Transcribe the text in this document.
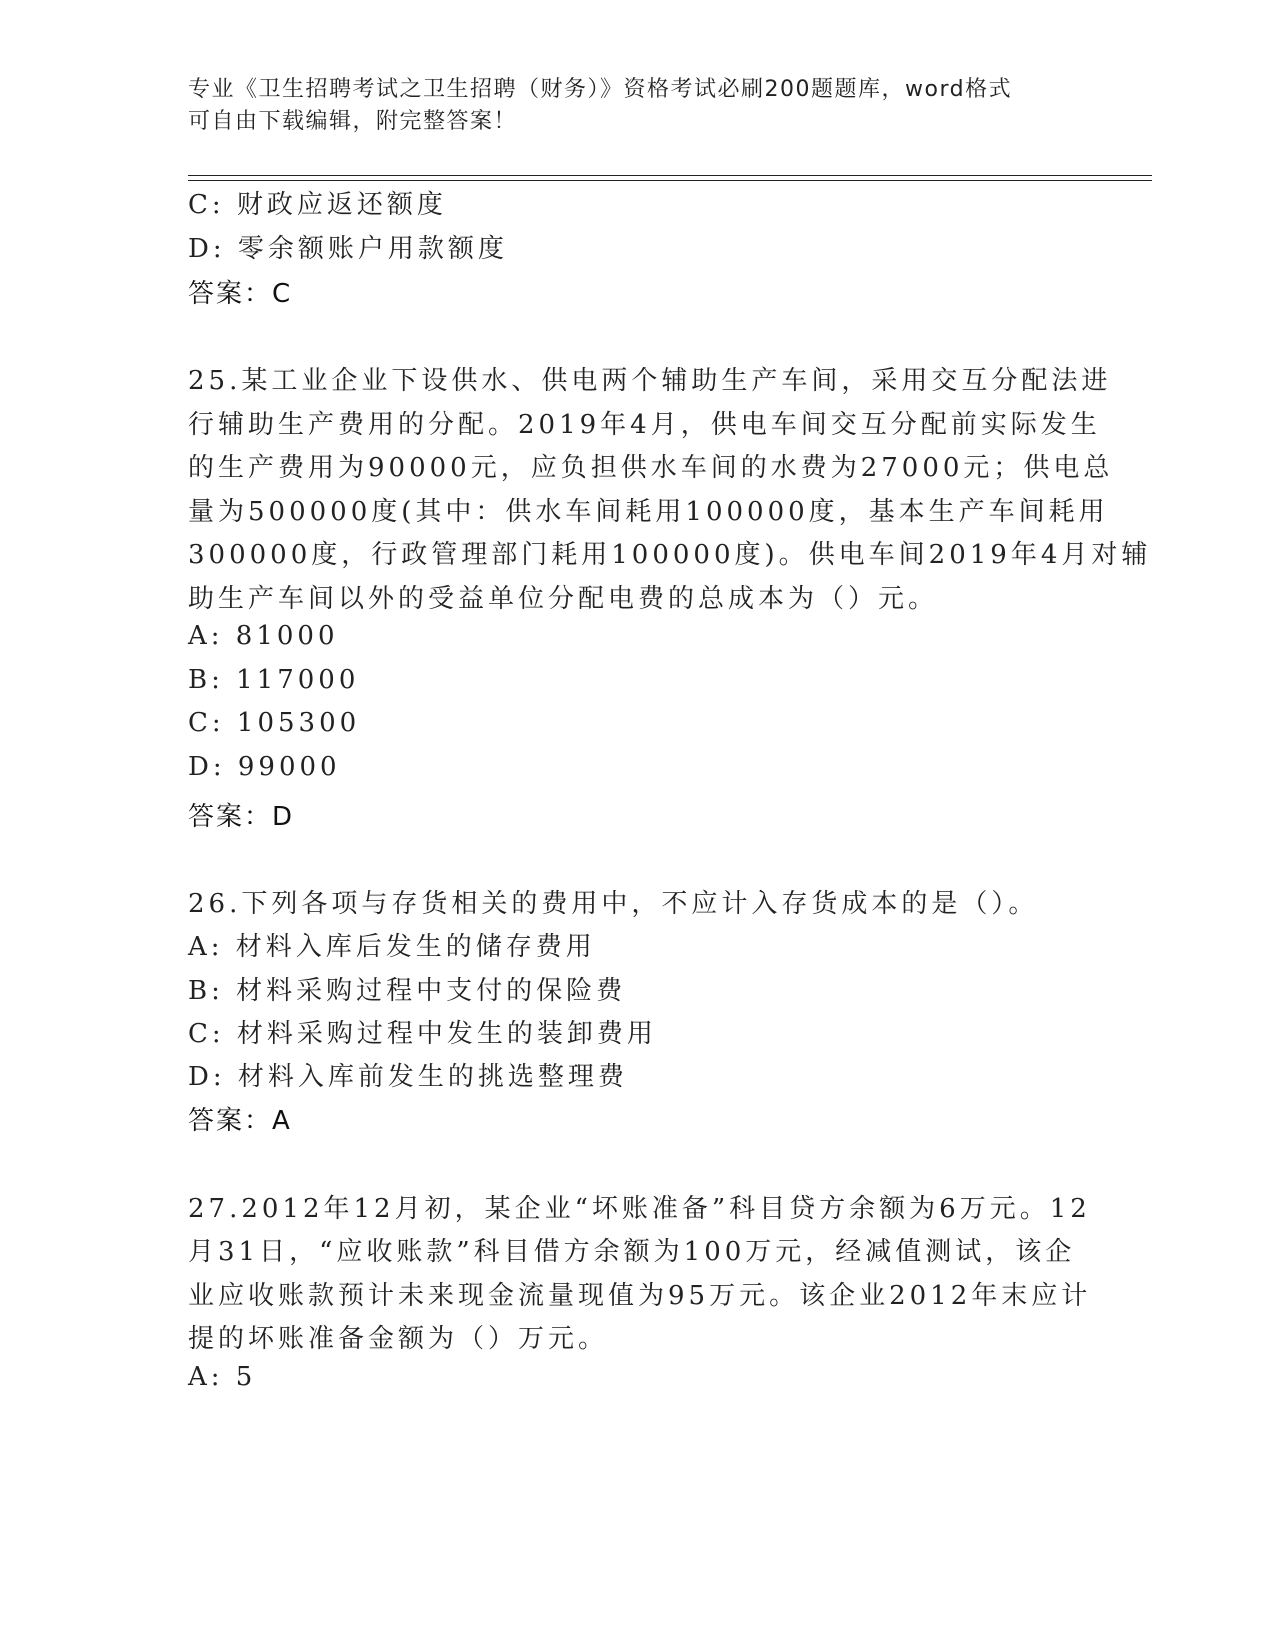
专业《卫生招聘考试之卫生招聘（财务）》资格考试必刷200题题库，word格式
可自由下载编辑，附完整答案！
C: 财政应返还额度
D: 零余额账户用款额度
答案：C
25.某工业企业下设供水、供电两个辅助生产车间，采用交互分配法进
行辅助生产费用的分配。2019年4月，供电车间交互分配前实际发生
的生产费用为90000元，应负担供水车间的水费为27000元；供电总
量为500000度(其中：供水车间耗用100000度，基本生产车间耗用
300000度，行政管理部门耗用100000度)。供电车间2019年4月对辅
助生产车间以外的受益单位分配电费的总成本为（）元。
A: 81000
B: 117000
C: 105300
D: 99000
答案：D
26.下列各项与存货相关的费用中，不应计入存货成本的是（）。
A: 材料入库后发生的储存费用
B: 材料采购过程中支付的保险费
C: 材料采购过程中发生的装卸费用
D: 材料入库前发生的挑选整理费
答案：A
27.2012年12月初，某企业“坏账准备”科目贷方余额为6万元。12
月31日，“应收账款”科目借方余额为100万元，经减值测试，该企
业应收账款预计未来现金流量现值为95万元。该企业2012年末应计
提的坏账准备金额为（）万元。
A: 5
